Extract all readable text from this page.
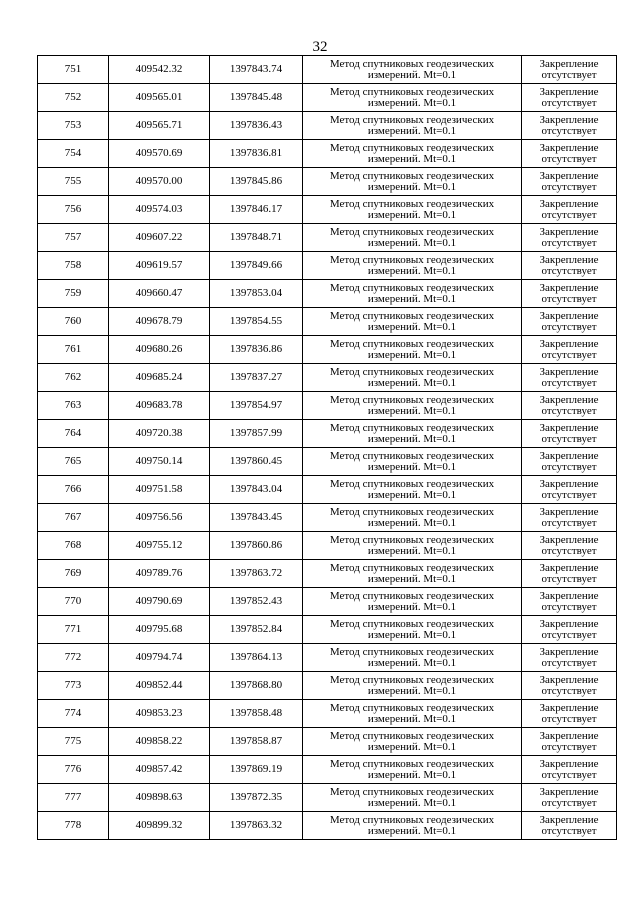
32
751	409542.32	1397843.74	Метод спутниковых геодезических
измерений. Mt=0.1	Закрепление
отсутствует

752	409565.01	1397845.48	Метод спутниковых геодезических
измерений. Mt=0.1	Закрепление
отсутствует

753	409565.71	1397836.43	Метод спутниковых геодезических
измерений. Mt=0.1	Закрепление
отсутствует

754	409570.69	1397836.81	Метод спутниковых геодезических
измерений. Mt=0.1	Закрепление
отсутствует

755	409570.00	1397845.86	Метод спутниковых геодезических
измерений. Mt=0.1	Закрепление
отсутствует

756	409574.03	1397846.17	Метод спутниковых геодезических
измерений. Mt=0.1	Закрепление
отсутствует

757	409607.22	1397848.71	Метод спутниковых геодезических
измерений. Mt=0.1	Закрепление
отсутствует

758	409619.57	1397849.66	Метод спутниковых геодезических
измерений. Mt=0.1	Закрепление
отсутствует

759	409660.47	1397853.04	Метод спутниковых геодезических
измерений. Mt=0.1	Закрепление
отсутствует

760	409678.79	1397854.55	Метод спутниковых геодезических
измерений. Mt=0.1	Закрепление
отсутствует

761	409680.26	1397836.86	Метод спутниковых геодезических
измерений. Mt=0.1	Закрепление
отсутствует

762	409685.24	1397837.27	Метод спутниковых геодезических
измерений. Mt=0.1	Закрепление
отсутствует

763	409683.78	1397854.97	Метод спутниковых геодезических
измерений. Mt=0.1	Закрепление
отсутствует

764	409720.38	1397857.99	Метод спутниковых геодезических
измерений. Mt=0.1	Закрепление
отсутствует

765	409750.14	1397860.45	Метод спутниковых геодезических
измерений. Mt=0.1	Закрепление
отсутствует

766	409751.58	1397843.04	Метод спутниковых геодезических
измерений. Mt=0.1	Закрепление
отсутствует

767	409756.56	1397843.45	Метод спутниковых геодезических
измерений. Mt=0.1	Закрепление
отсутствует

768	409755.12	1397860.86	Метод спутниковых геодезических
измерений. Mt=0.1	Закрепление
отсутствует

769	409789.76	1397863.72	Метод спутниковых геодезических
измерений. Mt=0.1	Закрепление
отсутствует

770	409790.69	1397852.43	Метод спутниковых геодезических
измерений. Mt=0.1	Закрепление
отсутствует

771	409795.68	1397852.84	Метод спутниковых геодезических
измерений. Mt=0.1	Закрепление
отсутствует

772	409794.74	1397864.13	Метод спутниковых геодезических
измерений. Mt=0.1	Закрепление
отсутствует

773	409852.44	1397868.80	Метод спутниковых геодезических
измерений. Mt=0.1	Закрепление
отсутствует

774	409853.23	1397858.48	Метод спутниковых геодезических
измерений. Mt=0.1	Закрепление
отсутствует

775	409858.22	1397858.87	Метод спутниковых геодезических
измерений. Mt=0.1	Закрепление
отсутствует

776	409857.42	1397869.19	Метод спутниковых геодезических
измерений. Mt=0.1	Закрепление
отсутствует

777	409898.63	1397872.35	Метод спутниковых геодезических
измерений. Mt=0.1	Закрепление
отсутствует

778	409899.32	1397863.32	Метод спутниковых геодезических
измерений. Mt=0.1	Закрепление
отсутствует
